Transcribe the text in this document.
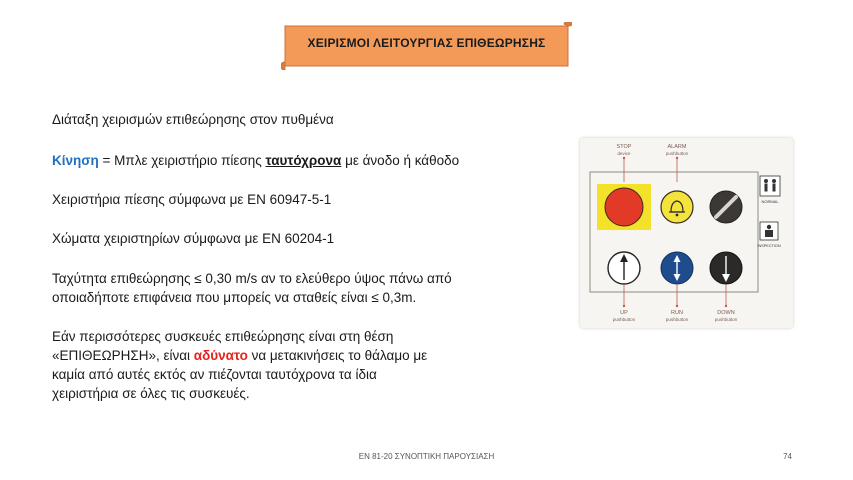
ΧΕΙΡΙΣΜΟΙ ΛΕΙΤΟΥΡΓΙΑΣ ΕΠΙΘΕΩΡΗΣΗΣ
Διάταξη χειρισμών επιθεώρησης στον πυθμένα
Κίνηση = Μπλε χειριστήριο πίεσης ταυτόχρονα με άνοδο ή κάθοδο
Χειριστήρια πίεσης σύμφωνα με EN 60947-5-1
Χώματα χειριστηρίων σύμφωνα με EN 60204-1
Ταχύτητα επιθεώρησης ≤ 0,30 m/s αν το ελεύθερο ύψος πάνω από
οποιαδήποτε επιφάνεια που μπορείς να σταθείς είναι ≤ 0,3m.
Εάν περισσότερες συσκευές επιθεώρησης είναι στη θέση
«ΕΠΙΘΕΩΡΗΣΗ», είναι αδύνατο να μετακινήσεις το θάλαμο με
καμία από αυτές εκτός αν πιέζονται ταυτόχρονα τα ίδια
χειριστήρια σε όλες τις συσκευές.
STOP
device
ALARM
pushbutton
NORMAL
INSPECTION
UP
pushbutton
RUN
pushbutton
DOWN
pushbutton
EN 81-20 ΣΥΝΟΠΤΙΚΗ ΠΑΡΟΥΣΙΑΣΗ	74
